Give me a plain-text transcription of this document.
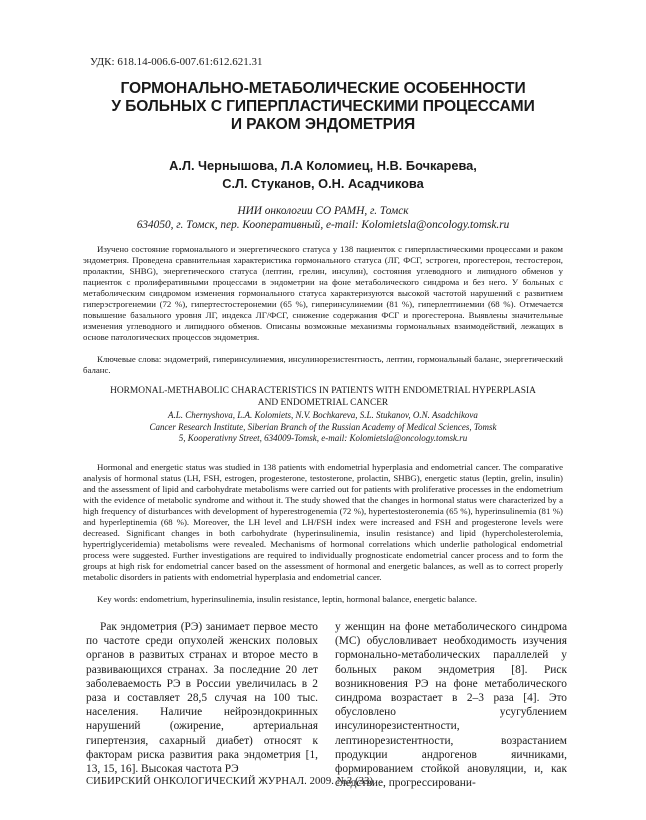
УДК: 618.14-006.6-007.61:612.621.31
ГОРМОНАЛЬНО-МЕТАБОЛИЧЕСКИЕ ОСОБЕННОСТИ
У БОЛЬНЫХ С ГИПЕРПЛАСТИЧЕСКИМИ ПРОЦЕССАМИ
И РАКОМ ЭНДОМЕТРИЯ
А.Л. Чернышова, Л.А Коломиец, Н.В. Бочкарева,
С.Л. Стуканов, О.Н. Асадчикова
НИИ онкологии СО РАМН, г. Томск
634050, г. Томск, пер. Кооперативный, e-mail: Kolomietsla@oncology.tomsk.ru
Изучено состояние гормонального и энергетического статуса у 138 пациенток с гиперпластическими процессами и раком эндометрия. Проведена сравнительная характеристика гормонального статуса (ЛГ, ФСГ, эстроген, прогестерон, тестостерон, пролактин, SHBG), энергетического статуса (лептин, грелин, инсулин), состояния углеводного и липидного обменов у пациенток с пролиферативными процессами в эндометрии на фоне метаболического синдрома и без него. У больных с метаболическим синдромом изменения гормонального статуса характеризуются высокой частотой нарушений с развитием гиперэстрогенемии (72 %), гипертестостеронемии (65 %), гиперинсулинемии (81 %), гиперлептинемии (68 %). Отмечается повышение базального уровня ЛГ, индекса ЛГ/ФСГ, снижение содержания ФСГ и прогестерона. Выявлены значительные изменения углеводного и липидного обменов. Описаны возможные механизмы гормональных взаимодействий, лежащих в основе патологических процессов эндометрия.
Ключевые слова: эндометрий, гиперинсулинемия, инсулинорезистентность, лептин, гормональный баланс, энергетический баланс.
HORMONAL-METHABOLIC CHARACTERISTICS IN PATIENTS WITH ENDOMETRIAL HYPERPLASIA
AND ENDOMETRIAL CANCER
A.L. Chernyshova, L.A. Kolomiets, N.V. Bochkareva, S.L. Stukanov, O.N. Asadchikova
Cancer Research Institute, Siberian Branch of the Russian Academy of Medical Sciences, Tomsk
5, Kooperativny Street, 634009-Tomsk, e-mail: Kolomietsla@oncology.tomsk.ru
Hormonal and energetic status was studied in 138 patients with endometrial hyperplasia and endometrial cancer. The comparative analysis of hormonal status (LH, FSH, estrogen, progesterone, testosterone, prolactin, SHBG), energetic status (leptin, grelin, insulin) and the assessment of lipid and carbohydrate metabolisms were carried out for patients with proliferative processes in the endometrium with the evidence of metabolic syndrome and without it. The study showed that the changes in hormonal status were characterized by a high frequency of disturbances with development of hyperestrogenemia (72 %), hypertestosteronemia (65 %), hyperinsulinemia (81 %) and hyperleptinemia (68 %). Moreover, the LH level and LH/FSH index were increased and FSH and progesterone levels were decreased. Significant changes in both carbohydrate (hyperinsulinemia, insulin resistance) and lipid (hypercholesterolemia, hypertriglyceridemia) metabolisms were revealed. Mechanisms of hormonal correlations which underlie pathological endometrial process were suggested. Further investigations are required to individually prognosticate endometrial cancer process and to form the groups at high risk for endometrial cancer based on the assessment of hormonal and energetic balances, as well as to correct properly metabolic disorders in patients with endometrial hyperplasia and endometrial cancer.
Key words: endometrium, hyperinsulinemia, insulin resistance, leptin, hormonal balance, energetic balance.
Рак эндометрия (РЭ) занимает первое место по частоте среди опухолей женских половых органов в развитых странах и второе место в развивающихся странах. За последние 20 лет заболеваемость РЭ в России увеличилась в 2 раза и составляет 28,5 случая на 100 тыс. населения. Наличие нейроэндокринных нарушений (ожирение, артериальная гипертензия, сахарный диабет) относят к факторам риска развития рака эндометрия [1, 13, 15, 16]. Высокая частота РЭ
у женщин на фоне метаболического синдрома (МС) обусловливает необходимость изучения гормонально-метаболических параллелей у больных раком эндометрия [8]. Риск возникновения РЭ на фоне метаболического синдрома возрастает в 2–3 раза [4]. Это обусловлено усугублением инсулинорезистентности, лептинорезистентности, возрастанием продукции андрогенов яичниками, формированием стойкой ановуляции, и, как следствие, прогрессировани-
СИБИРСКИЙ ОНКОЛОГИЧЕСКИЙ ЖУРНАЛ. 2009. №3 (33)
